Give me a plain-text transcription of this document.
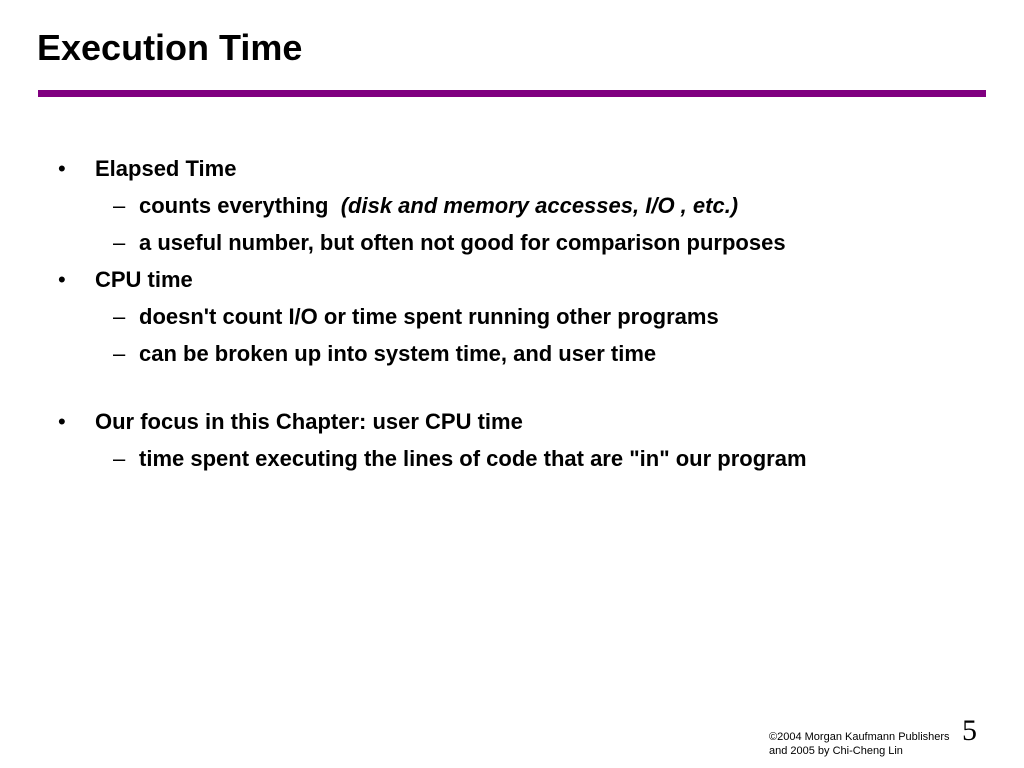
Execution Time
• Elapsed Time
– counts everything (disk and memory accesses, I/O , etc.)
– a useful number, but often not good for comparison purposes
• CPU time
– doesn't count I/O or time spent running other programs
– can be broken up into system time, and user time
• Our focus in this Chapter: user CPU time
– time spent executing the lines of code that are "in" our program
©2004 Morgan Kaufmann Publishers
and 2005 by Chi-Cheng Lin
5
